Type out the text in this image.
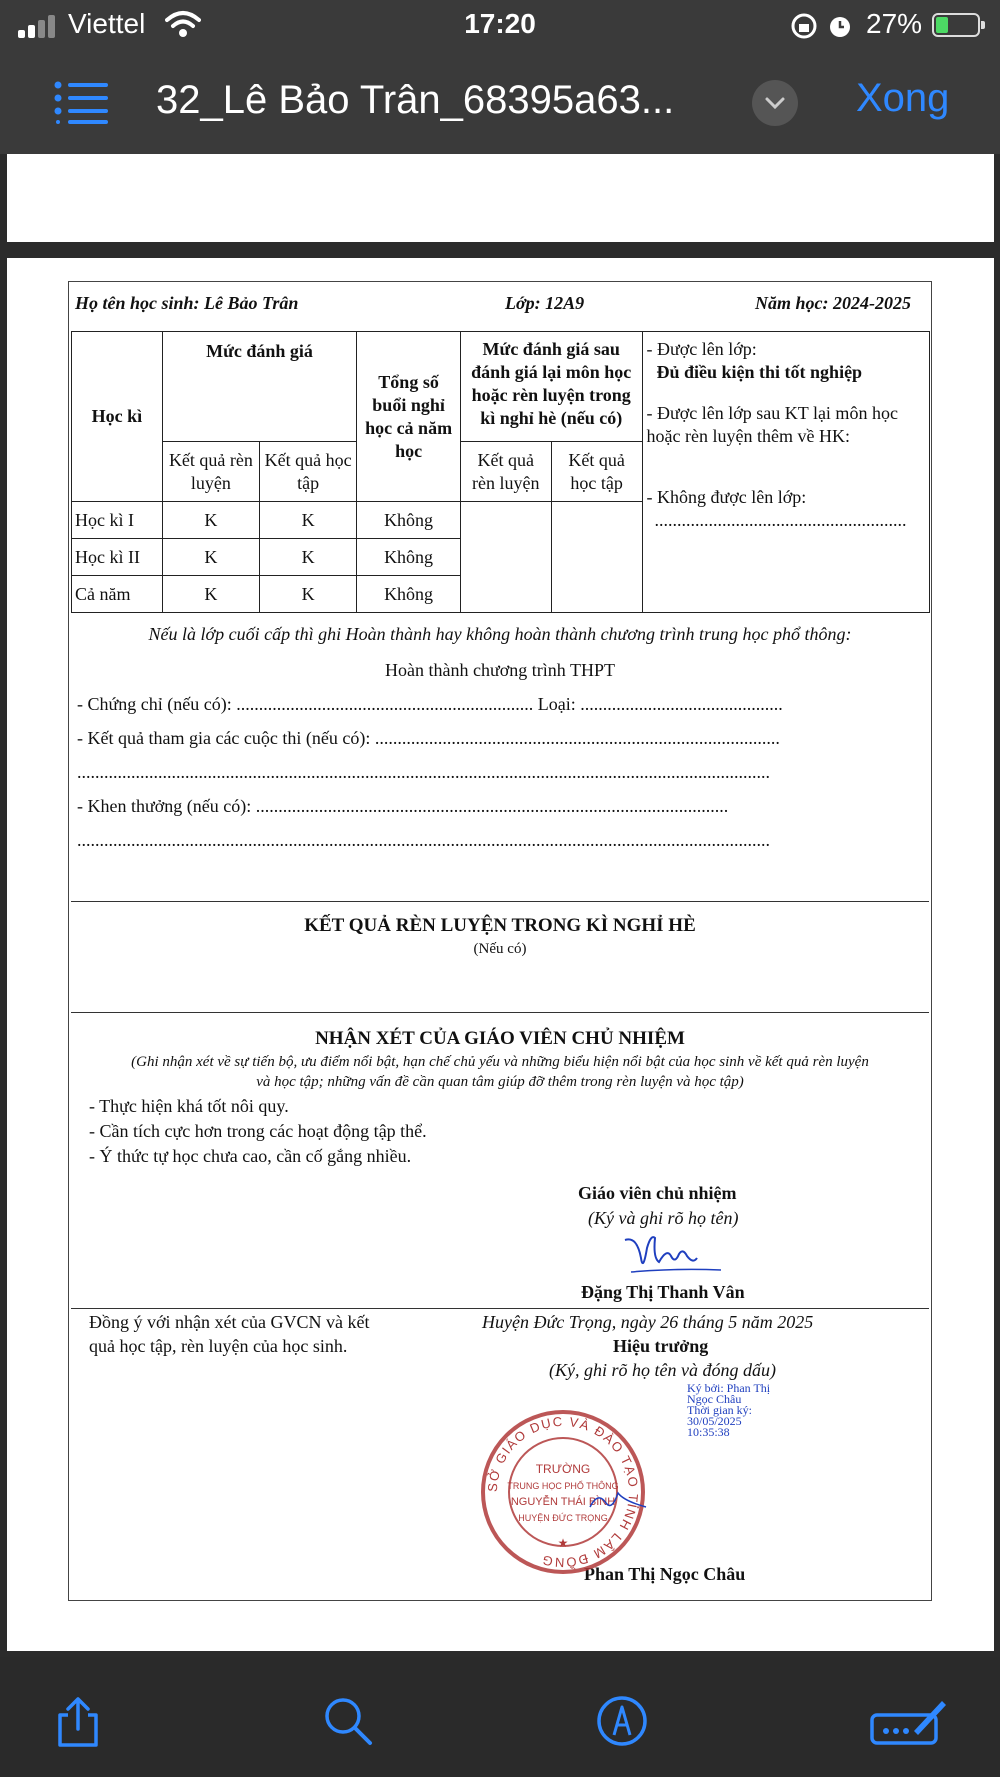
Viettel	17:20	27%
32_Lê Bảo Trân_68395a63...	Xong
Họ tên học sinh: Lê Bảo Trân	Lớp: 12A9	Năm học: 2024-2025
Học kì	Mức đánh giá		Tổng số buổi nghỉ học cả năm học	Mức đánh giá sau đánh giá lại môn học hoặc rèn luyện trong kì nghỉ hè (nếu có)		- Được lên lớp:
Đủ điều kiện thi tốt nghiệp
- Được lên lớp sau KT lại môn học hoặc rèn luyện thêm về HK:
- Không được lên lớp:
........................................................

	Kết quả rèn luyện	Kết quả học tập		Kết quả rèn luyện	Kết quả học tập	
Học kì I	K	K	Không			
Học kì II	K	K	Không			
Cả năm	K	K	Không			
Nếu là lớp cuối cấp thì ghi Hoàn thành hay không hoàn thành chương trình trung học phổ thông:
Hoàn thành chương trình THPT
- Chứng chỉ (nếu có): .................................................................. Loại: .............................................
- Kết quả tham gia các cuộc thi (nếu có): ..........................................................................................
..........................................................................................................................................................
- Khen thưởng (nếu có): .........................................................................................................
..........................................................................................................................................................
KẾT QUẢ RÈN LUYỆN TRONG KÌ NGHỈ HÈ
(Nếu có)
NHẬN XÉT CỦA GIÁO VIÊN CHỦ NHIỆM
(Ghi nhận xét về sự tiến bộ, ưu điểm nổi bật, hạn chế chủ yếu và những biểu hiện nổi bật của học sinh về kết quả rèn luyện
và học tập; những vấn đề cần quan tâm giúp đỡ thêm trong rèn luyện và học tập)
- Thực hiện khá tốt nôi quy.
- Cần tích cực hơn trong các hoạt động tập thể.
- Ý thức tự học chưa cao, cần cố gắng nhiều.
Giáo viên chủ nhiệm
(Ký và ghi rõ họ tên)
Đặng Thị Thanh Vân
Đồng ý với nhận xét của GVCN và kết
quả học tập, rèn luyện của học sinh.
Huyện Đức Trọng, ngày 26 tháng 5 năm 2025
Hiệu trưởng
(Ký, ghi rõ họ tên và đóng dấu)
Ký bởi: Phan Thị
Ngọc Châu
Thời gian ký:
30/05/2025
10:35:38
Phan Thị Ngọc Châu
SỞ GIÁO DỤC VÀ ĐÀO TẠO TỈNH LÂM ĐỒNG
TRƯỜNG
TRUNG HỌC PHỔ THÔNG
NGUYỄN THÁI BÌNH
HUYỆN ĐỨC TRỌNG
★
